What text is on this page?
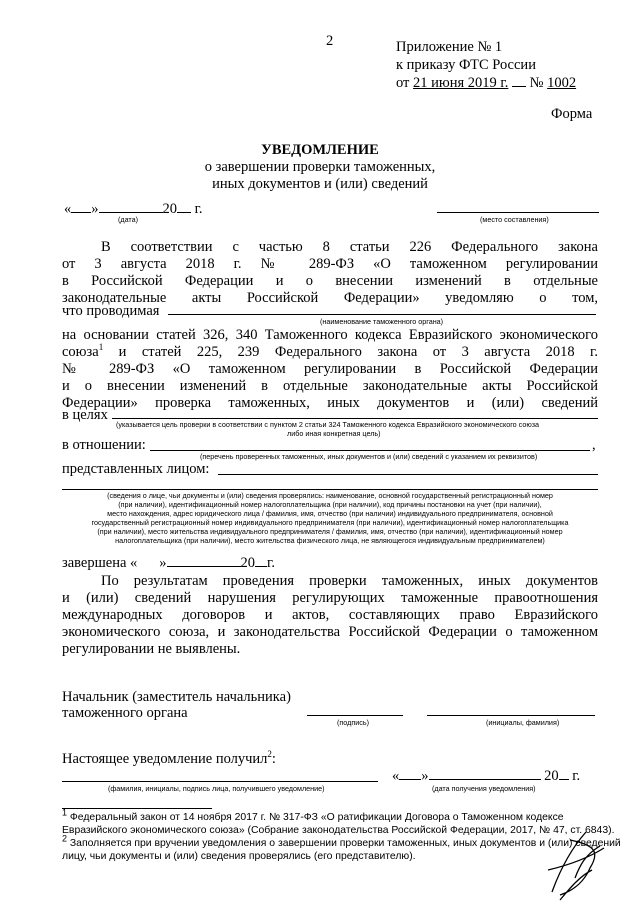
2	Приложение № 1
к приказу ФТС России
от 21 июня 2019 г. № 1002
Форма
УВЕДОМЛЕНИЕ
о завершении проверки таможенных,
иных документов и (или) сведений
« »	20 г.
(дата)	(место составления)
В соответствии с частью 8 статьи 226 Федерального закона
от 3 августа 2018 г. № 289-ФЗ «О таможенном регулировании
в Российской Федерации и о внесении изменений в отдельные
законодательные акты Российской Федерации» уведомляю о том,
что проводимая
(наименование таможенного органа)
на основании статей 326, 340 Таможенного кодекса Евразийского экономического
союза$^1$ и статей 225, 239 Федерального закона от 3 августа 2018 г.
№ 289-ФЗ «О таможенном регулировании в Российской Федерации
и о внесении изменений в отдельные законодательные акты Российской
Федерации» проверка таможенных, иных документов и (или) сведений
в целях
(указывается цель проверки в соответствии с пунктом 2 статьи 324 Таможенного кодекса Евразийского экономического союза
либо иная конкретная цель)
в отношении:	,
(перечень проверенных таможенных, иных документов и (или) сведений с указанием их реквизитов)
представленных лицом:
(сведения о лице, чьи документы и (или) сведения проверялись: наименование, основной государственный регистрационный номер
(при наличии), идентификационный номер налогоплательщика (при наличии), код причины постановки на учет (при наличии),
место нахождения, адрес юридического лица / фамилия, имя, отчество (при наличии) индивидуального предпринимателя, основной
государственный регистрационный номер индивидуального предпринимателя (при наличии), идентификационный номер налогоплательщика
(при наличии), место жительства индивидуального предпринимателя / фамилия, имя, отчество (при наличии), идентификационный номер
налогоплательщика (при наличии), место жительства физического лица, не являющегося индивидуальным предпринимателем)
завершена « »	20 г.
По результатам проведения проверки таможенных, иных документов
и (или) сведений нарушения регулирующих таможенные правоотношения
международных договоров и актов, составляющих право Евразийского
экономического союза, и законодательства Российской Федерации о таможенном
регулировании не выявлены.
Начальник (заместитель начальника)
таможенного органа
(подпись)	(инициалы, фамилия)
Настоящее уведомление получил$^2$:
(фамилия, инициалы, подпись лица, получившего уведомление)
« »	20 г.
(дата получения уведомления)
$^1$ Федеральный закон от 14 ноября 2017 г. № 317-ФЗ «О ратификации Договора о Таможенном кодексе
Евразийского экономического союза» (Собрание законодательства Российской Федерации, 2017, № 47, ст. 6843).
$^2$ Заполняется при вручении уведомления о завершении проверки таможенных, иных документов и (или) сведений
лицу, чьи документы и (или) сведения проверялись (его представителю).
